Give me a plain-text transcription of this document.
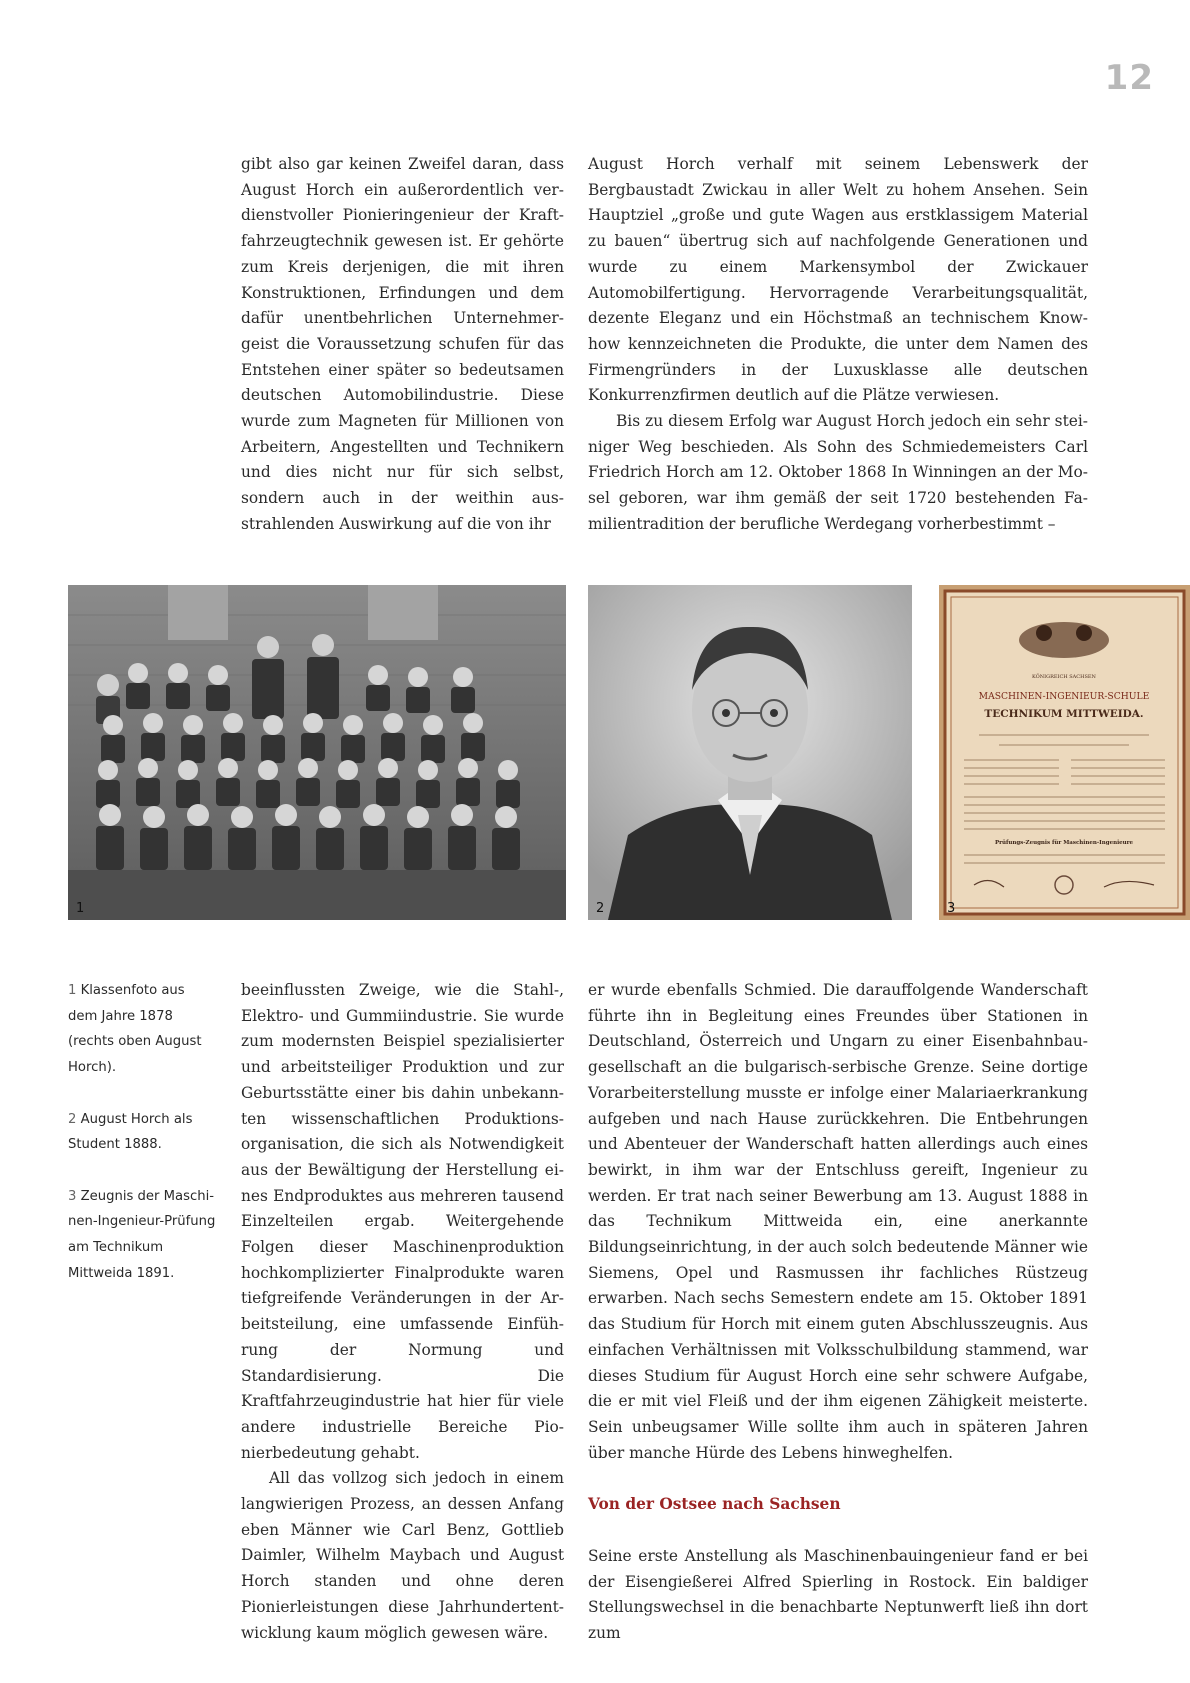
12

gibt also gar keinen Zweifel daran, dass August Horch ein außerordentlich verdienstvoller Pionieringenieur der Kraftfahrzeugtechnik gewesen ist. Er gehörte zum Kreis derjenigen, die mit ihren Konstruktionen, Erfindungen und dem dafür unentbehrlichen Unternehmergeist die Voraussetzung schufen für das Entstehen einer später so bedeutsamen deutschen Automobilindustrie. Diese wurde zum Magneten für Millionen von Arbeitern, Angestellten und Technikern und dies nicht nur für sich selbst, sondern auch in der weithin ausstrahlenden Auswirkung auf die von ihr

August Horch verhalf mit seinem Lebenswerk der Bergbaustadt Zwickau in aller Welt zu hohem Ansehen. Sein Hauptziel „große und gute Wagen aus erstklassigem Material zu bauen“ übertrug sich auf nachfolgende Generationen und wurde zu einem Markensymbol der Zwickauer Automobilfertigung. Hervorragende Verarbeitungsqualität, dezente Eleganz und ein Höchstmaß an technischem Know-how kennzeichneten die Produkte, die unter dem Namen des Firmengründers in der Luxusklasse alle deutschen Konkurrenzfirmen deutlich auf die Plätze verwiesen.

Bis zu diesem Erfolg war August Horch jedoch ein sehr steiniger Weg beschieden. Als Sohn des Schmiedemeisters Carl Friedrich Horch am 12. Oktober 1868 In Winningen an der Mosel geboren, war ihm gemäß der seit 1720 bestehenden Familientradition der berufliche Werdegang vorherbestimmt –

1	2
KÖNIGREICH SACHSEN
MASCHINEN-INGENIEUR-SCHULE
TECHNIKUM MITTWEIDA.
Prüfungs-Zeugnis für Maschinen-Ingenieure
3

1 Klassenfoto aus dem Jahre 1878 (rechts oben August Horch).

2 August Horch als Student 1888.

3 Zeugnis der Maschinen-Ingenieur-Prüfung am Technikum Mittweida 1891.

beeinflussten Zweige, wie die Stahl-, Elektro- und Gummiindustrie. Sie wurde zum modernsten Beispiel spezialisierter und arbeitsteiliger Produktion und zur Geburtsstätte einer bis dahin unbekannten wissenschaftlichen Produktionsorganisation, die sich als Notwendigkeit aus der Bewältigung der Herstellung eines Endproduktes aus mehreren tausend Einzelteilen ergab. Weitergehende Folgen dieser Maschinenproduktion hochkomplizierter Finalprodukte waren tiefgreifende Veränderungen in der Arbeitsteilung, eine umfassende Einführung der Normung und Standardisierung. Die Kraftfahrzeugindustrie hat hier für viele andere industrielle Bereiche Pionierbedeutung gehabt.

All das vollzog sich jedoch in einem langwierigen Prozess, an dessen Anfang eben Männer wie Carl Benz, Gottlieb Daimler, Wilhelm Maybach und August Horch standen und ohne deren Pionierleistungen diese Jahrhundertentwicklung kaum möglich gewesen wäre.

er wurde ebenfalls Schmied. Die darauffolgende Wanderschaft führte ihn in Begleitung eines Freundes über Stationen in Deutschland, Österreich und Ungarn zu einer Eisenbahnbaugesellschaft an die bulgarisch-serbische Grenze. Seine dortige Vorarbeiterstellung musste er infolge einer Malariaerkrankung aufgeben und nach Hause zurückkehren. Die Entbehrungen und Abenteuer der Wanderschaft hatten allerdings auch eines bewirkt, in ihm war der Entschluss gereift, Ingenieur zu werden. Er trat nach seiner Bewerbung am 13. August 1888 in das Technikum Mittweida ein, eine anerkannte Bildungseinrichtung, in der auch solch bedeutende Männer wie Siemens, Opel und Rasmussen ihr fachliches Rüstzeug erwarben. Nach sechs Semestern endete am 15. Oktober 1891 das Studium für Horch mit einem guten Abschlusszeugnis. Aus einfachen Verhältnissen mit Volksschulbildung stammend, war dieses Studium für August Horch eine sehr schwere Aufgabe, die er mit viel Fleiß und der ihm eigenen Zähigkeit meisterte. Sein unbeugsamer Wille sollte ihm auch in späteren Jahren über manche Hürde des Lebens hinweghelfen.

Von der Ostsee nach Sachsen

Seine erste Anstellung als Maschinenbauingenieur fand er bei der Eisengießerei Alfred Spierling in Rostock. Ein baldiger Stellungswechsel in die benachbarte Neptunwerft ließ ihn dort zum
